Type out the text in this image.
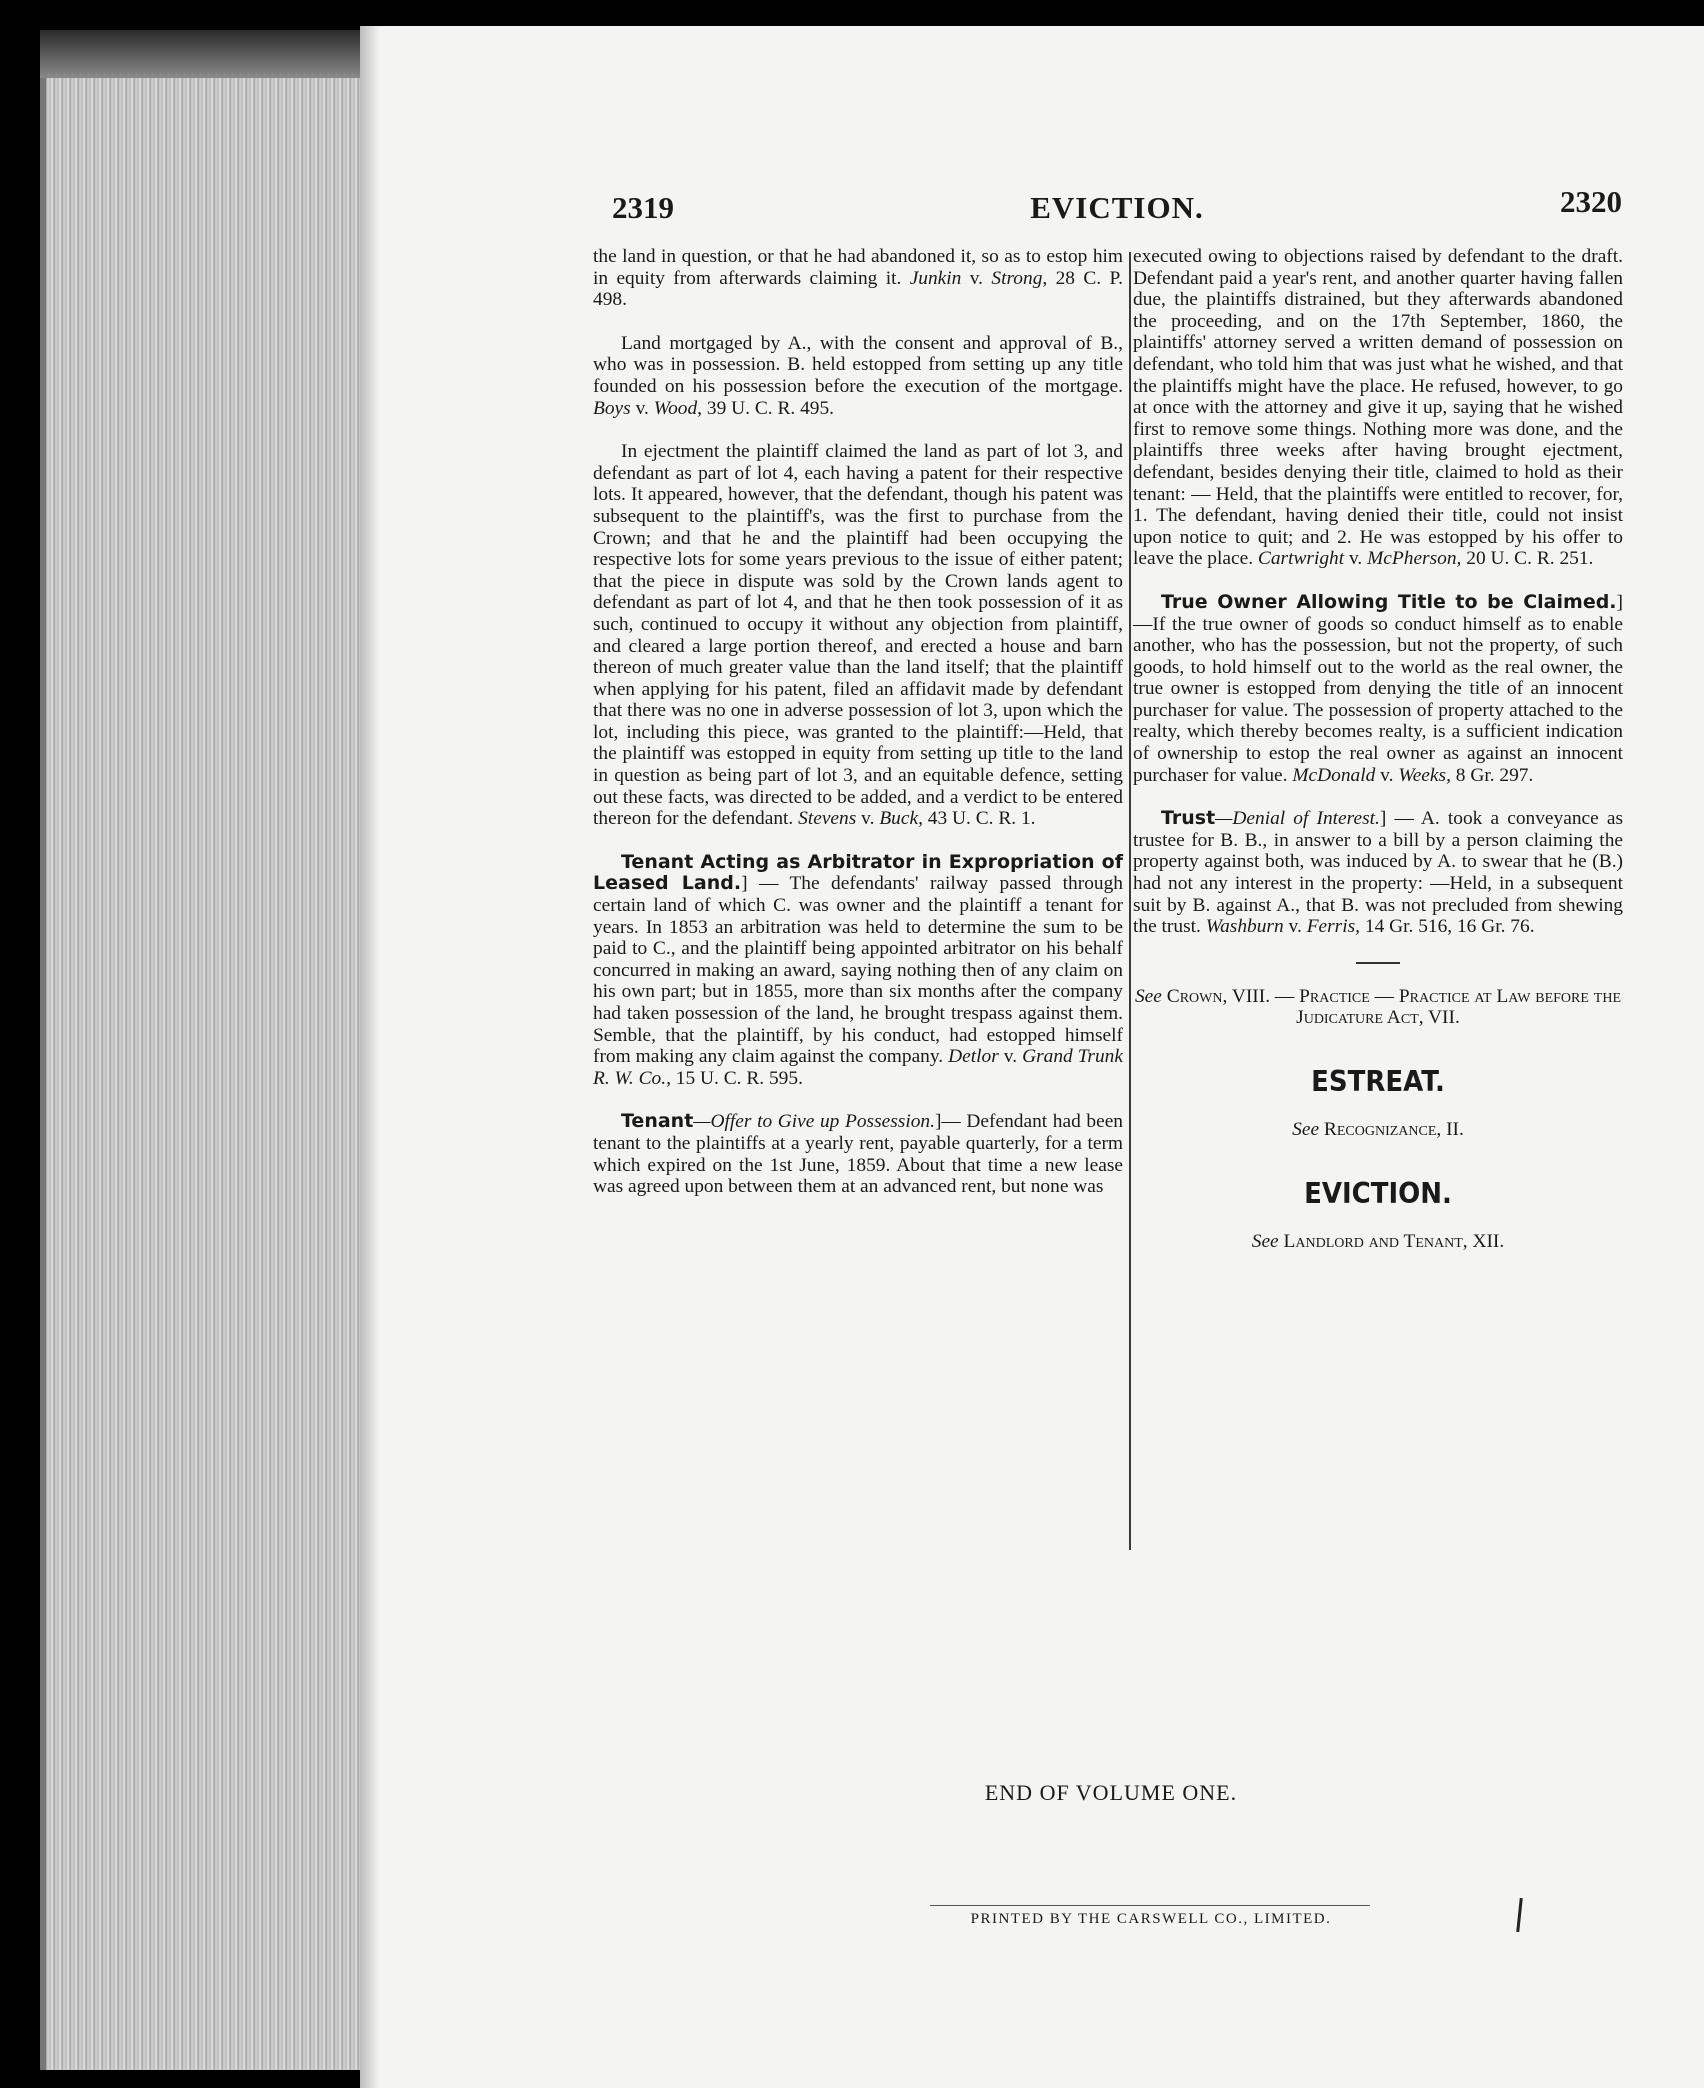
2319	EVICTION.	2320

the land in question, or that he had abandoned it, so as to estop him in equity from afterwards claiming it. Junkin v. Strong, 28 C. P. 498.

Land mortgaged by A., with the consent and approval of B., who was in possession. B. held estopped from setting up any title founded on his possession before the execution of the mortgage. Boys v. Wood, 39 U. C. R. 495.

In ejectment the plaintiff claimed the land as part of lot 3, and defendant as part of lot 4, each having a patent for their respective lots. It appeared, however, that the defendant, though his patent was subsequent to the plaintiff's, was the first to purchase from the Crown; and that he and the plaintiff had been occupying the respective lots for some years previous to the issue of either patent; that the piece in dispute was sold by the Crown lands agent to defendant as part of lot 4, and that he then took possession of it as such, continued to occupy it without any objection from plaintiff, and cleared a large portion thereof, and erected a house and barn thereon of much greater value than the land itself; that the plaintiff when applying for his patent, filed an affidavit made by defendant that there was no one in adverse possession of lot 3, upon which the lot, including this piece, was granted to the plaintiff:—Held, that the plaintiff was estopped in equity from setting up title to the land in question as being part of lot 3, and an equitable defence, setting out these facts, was directed to be added, and a verdict to be entered thereon for the defendant. Stevens v. Buck, 43 U. C. R. 1.

Tenant Acting as Arbitrator in Expropriation of Leased Land.] — The defendants' railway passed through certain land of which C. was owner and the plaintiff a tenant for years. In 1853 an arbitration was held to determine the sum to be paid to C., and the plaintiff being appointed arbitrator on his behalf concurred in making an award, saying nothing then of any claim on his own part; but in 1855, more than six months after the company had taken possession of the land, he brought trespass against them. Semble, that the plaintiff, by his conduct, had estopped himself from making any claim against the company. Detlor v. Grand Trunk R. W. Co., 15 U. C. R. 595.

Tenant—Offer to Give up Possession.]— Defendant had been tenant to the plaintiffs at a yearly rent, payable quarterly, for a term which expired on the 1st June, 1859. About that time a new lease was agreed upon between them at an advanced rent, but none was

executed owing to objections raised by defendant to the draft. Defendant paid a year's rent, and another quarter having fallen due, the plaintiffs distrained, but they afterwards abandoned the proceeding, and on the 17th September, 1860, the plaintiffs' attorney served a written demand of possession on defendant, who told him that was just what he wished, and that the plaintiffs might have the place. He refused, however, to go at once with the attorney and give it up, saying that he wished first to remove some things. Nothing more was done, and the plaintiffs three weeks after having brought ejectment, defendant, besides denying their title, claimed to hold as their tenant: — Held, that the plaintiffs were entitled to recover, for, 1. The defendant, having denied their title, could not insist upon notice to quit; and 2. He was estopped by his offer to leave the place. Cartwright v. McPherson, 20 U. C. R. 251.

True Owner Allowing Title to be Claimed.]—If the true owner of goods so conduct himself as to enable another, who has the possession, but not the property, of such goods, to hold himself out to the world as the real owner, the true owner is estopped from denying the title of an innocent purchaser for value. The possession of property attached to the realty, which thereby becomes realty, is a sufficient indication of ownership to estop the real owner as against an innocent purchaser for value. McDonald v. Weeks, 8 Gr. 297.

Trust—Denial of Interest.] — A. took a conveyance as trustee for B. B., in answer to a bill by a person claiming the property against both, was induced by A. to swear that he (B.) had not any interest in the property: —Held, in a subsequent suit by B. against A., that B. was not precluded from shewing the trust. Washburn v. Ferris, 14 Gr. 516, 16 Gr. 76.

See Crown, VIII. — Practice — Practice at Law before the Judicature Act, VII.

ESTREAT.

See Recognizance, II.

EVICTION.

See Landlord and Tenant, XII.

END OF VOLUME ONE.
PRINTED BY THE CARSWELL CO., LIMITED.
